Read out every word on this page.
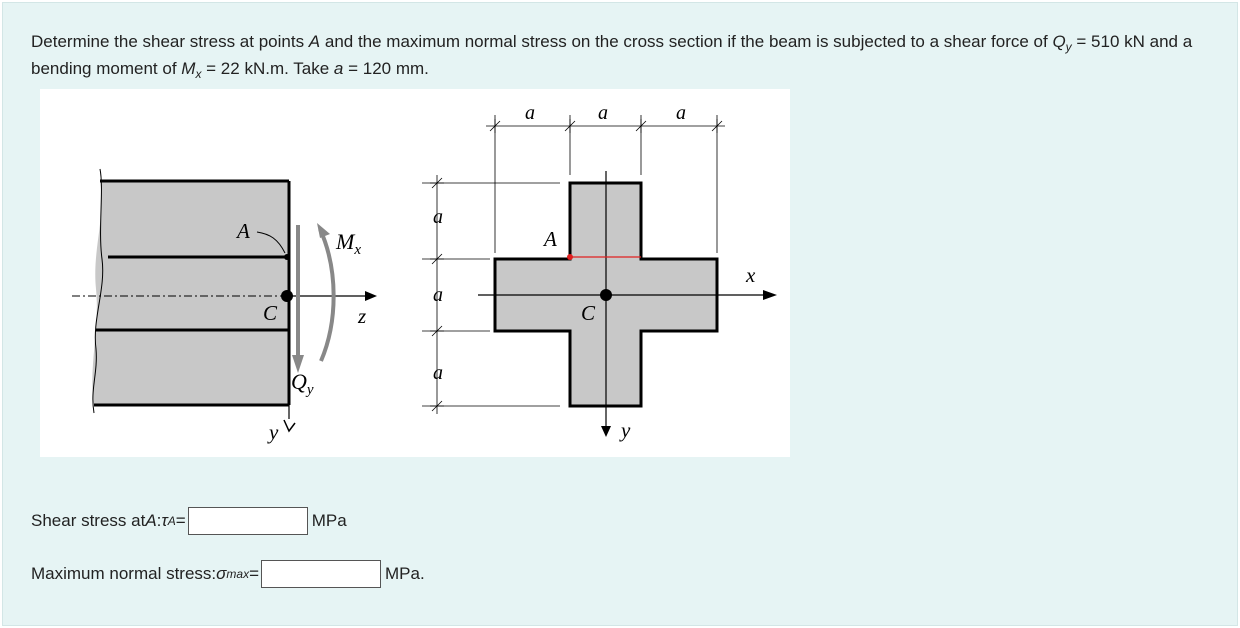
Determine the shear stress at points A and the maximum normal stress on the cross section if the beam is subjected to a shear force of $Q_y = 510$ kN and a bending moment of $M_x = 22$ kN.m. Take a = 120 mm.
A
C
$M_x$
z
$Q_y$
y
a	a	a
a
a
a
A
C
x
y
Shear stress at A : τ A =	MPa
Maximum normal stress: σ max =	MPa.
